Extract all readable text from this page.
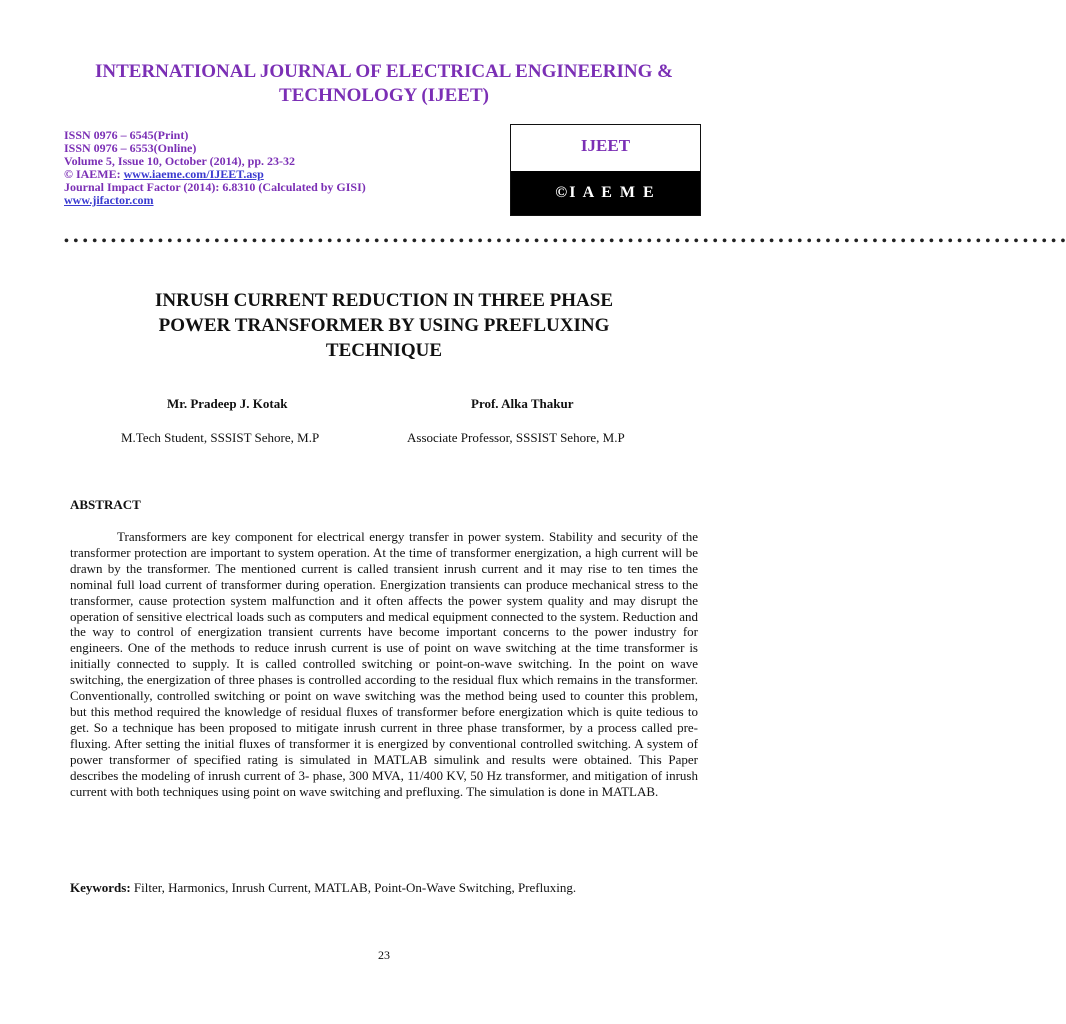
INTERNATIONAL JOURNAL OF ELECTRICAL ENGINEERING &
TECHNOLOGY (IJEET)
ISSN 0976 – 6545(Print)
ISSN 0976 – 6553(Online)
Volume 5, Issue 10, October (2014), pp. 23-32
© IAEME: www.iaeme.com/IJEET.asp
Journal Impact Factor (2014): 6.8310 (Calculated by GISI)
www.jifactor.com
IJEET
©I A E M E
• • • • • • • • • • • • • • • • • • • • • • • • • • • • • • • • • • • • • • • • • • • • • • • • • • • • • • • • • • • • • • • • • • • • • • • • • • • • • • • • • • • • • • • • • • • • • • • • • • • • • • • • • • •
INRUSH CURRENT REDUCTION IN THREE PHASE
POWER TRANSFORMER BY USING PREFLUXING
TECHNIQUE
Mr. Pradeep J. Kotak	Prof. Alka Thakur
M.Tech Student, SSSIST Sehore, M.P	Associate Professor, SSSIST Sehore, M.P
ABSTRACT

Transformers are key component for electrical energy transfer in power system. Stability and security of the transformer protection are important to system operation. At the time of transformer energization, a high current will be drawn by the transformer. The mentioned current is called transient inrush current and it may rise to ten times the nominal full load current of transformer during operation. Energization transients can produce mechanical stress to the transformer, cause protection system malfunction and it often affects the power system quality and may disrupt the operation of sensitive electrical loads such as computers and medical equipment connected to the system. Reduction and the way to control of energization transient currents have become important concerns to the power industry for engineers. One of the methods to reduce inrush current is use of point on wave switching at the time transformer is initially connected to supply. It is called controlled switching or point-on-wave switching. In the point on wave switching, the energization of three phases is controlled according to the residual flux which remains in the transformer. Conventionally, controlled switching or point on wave switching was the method being used to counter this problem, but this method required the knowledge of residual fluxes of transformer before energization which is quite tedious to get. So a technique has been proposed to mitigate inrush current in three phase transformer, by a process called pre-fluxing. After setting the initial fluxes of transformer it is energized by conventional controlled switching. A system of power transformer of specified rating is simulated in MATLAB simulink and results were obtained. This Paper describes the modeling of inrush current of 3- phase, 300 MVA, 11/400 KV, 50 Hz transformer, and mitigation of inrush current with both techniques using point on wave switching and prefluxing. The simulation is done in MATLAB.

Keywords: Filter, Harmonics, Inrush Current, MATLAB, Point-On-Wave Switching, Prefluxing.
23
